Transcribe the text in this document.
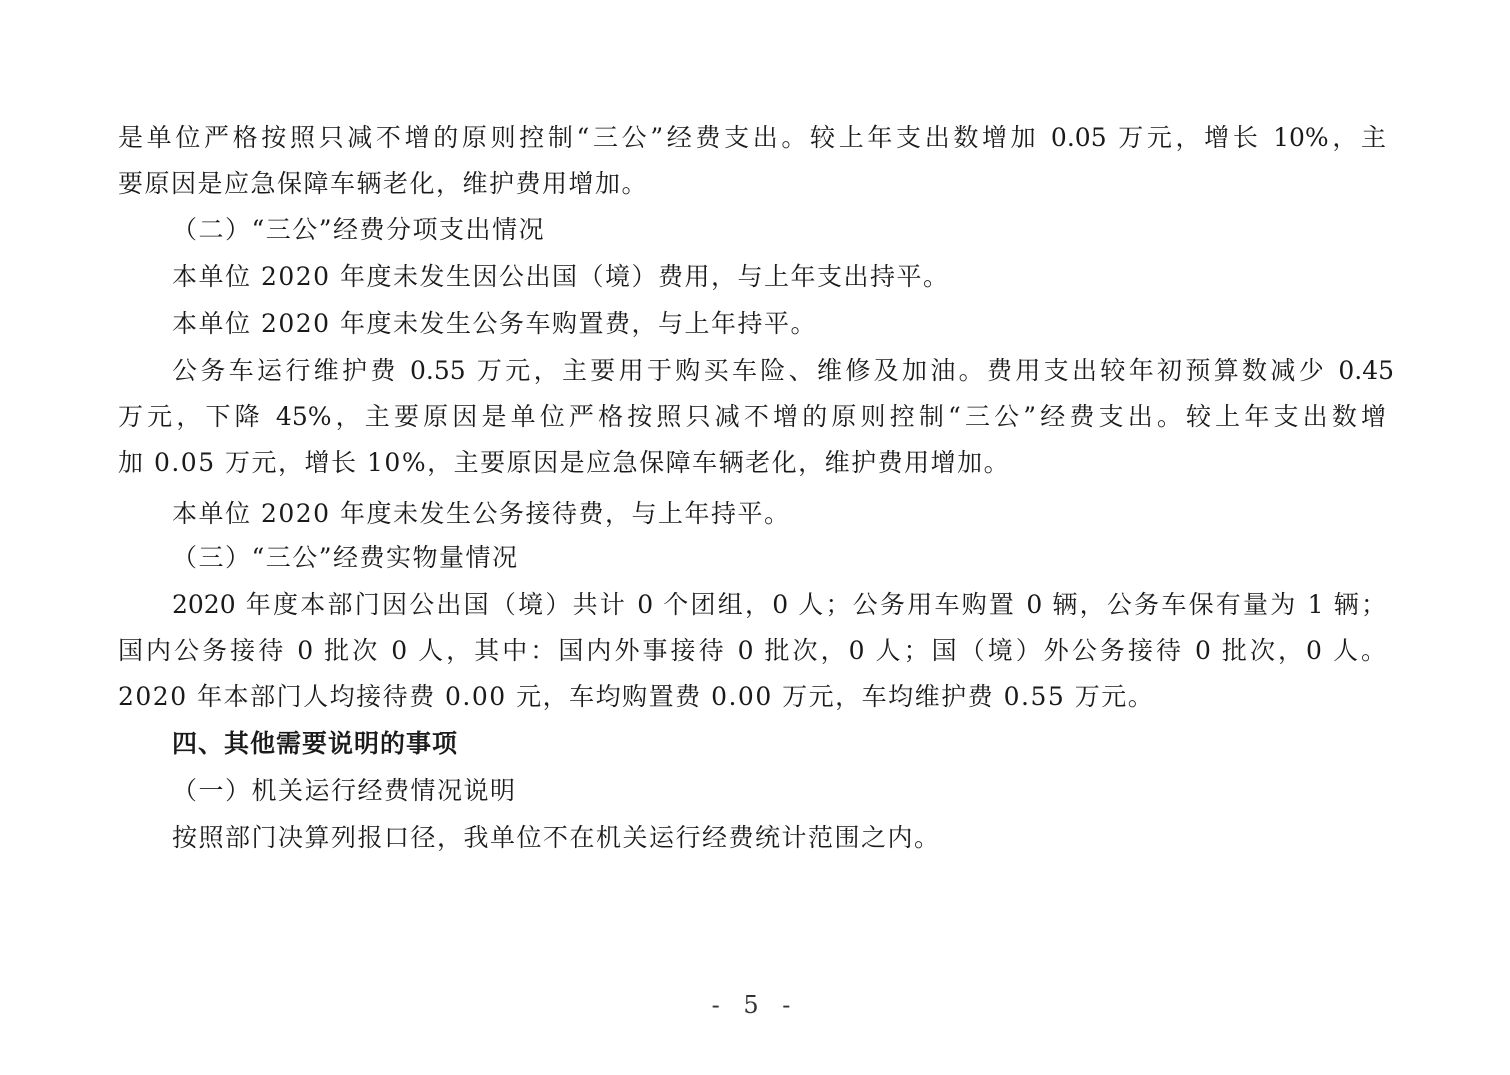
是单位严格按照只减不增的原则控制“三公”经费支出。较上年支出数增加 0.05 万元，增长 10%，主
要原因是应急保障车辆老化，维护费用增加。
（二）“三公”经费分项支出情况
本单位 2020 年度未发生因公出国（境）费用，与上年支出持平。
本单位 2020 年度未发生公务车购置费，与上年持平。
公务车运行维护费 0.55 万元，主要用于购买车险、维修及加油。费用支出较年初预算数减少 0.45
万元，下降 45%，主要原因是单位严格按照只减不增的原则控制“三公”经费支出。较上年支出数增
加 0.05 万元，增长 10%，主要原因是应急保障车辆老化，维护费用增加。
本单位 2020 年度未发生公务接待费，与上年持平。
（三）“三公”经费实物量情况
2020 年度本部门因公出国（境）共计 0 个团组，0 人；公务用车购置 0 辆，公务车保有量为 1 辆；
国内公务接待 0 批次 0 人，其中：国内外事接待 0 批次，0 人；国（境）外公务接待 0 批次，0 人。
2020 年本部门人均接待费 0.00 元，车均购置费 0.00 万元，车均维护费 0.55 万元。
四、其他需要说明的事项
（一）机关运行经费情况说明
按照部门决算列报口径，我单位不在机关运行经费统计范围之内。
- 5 -
